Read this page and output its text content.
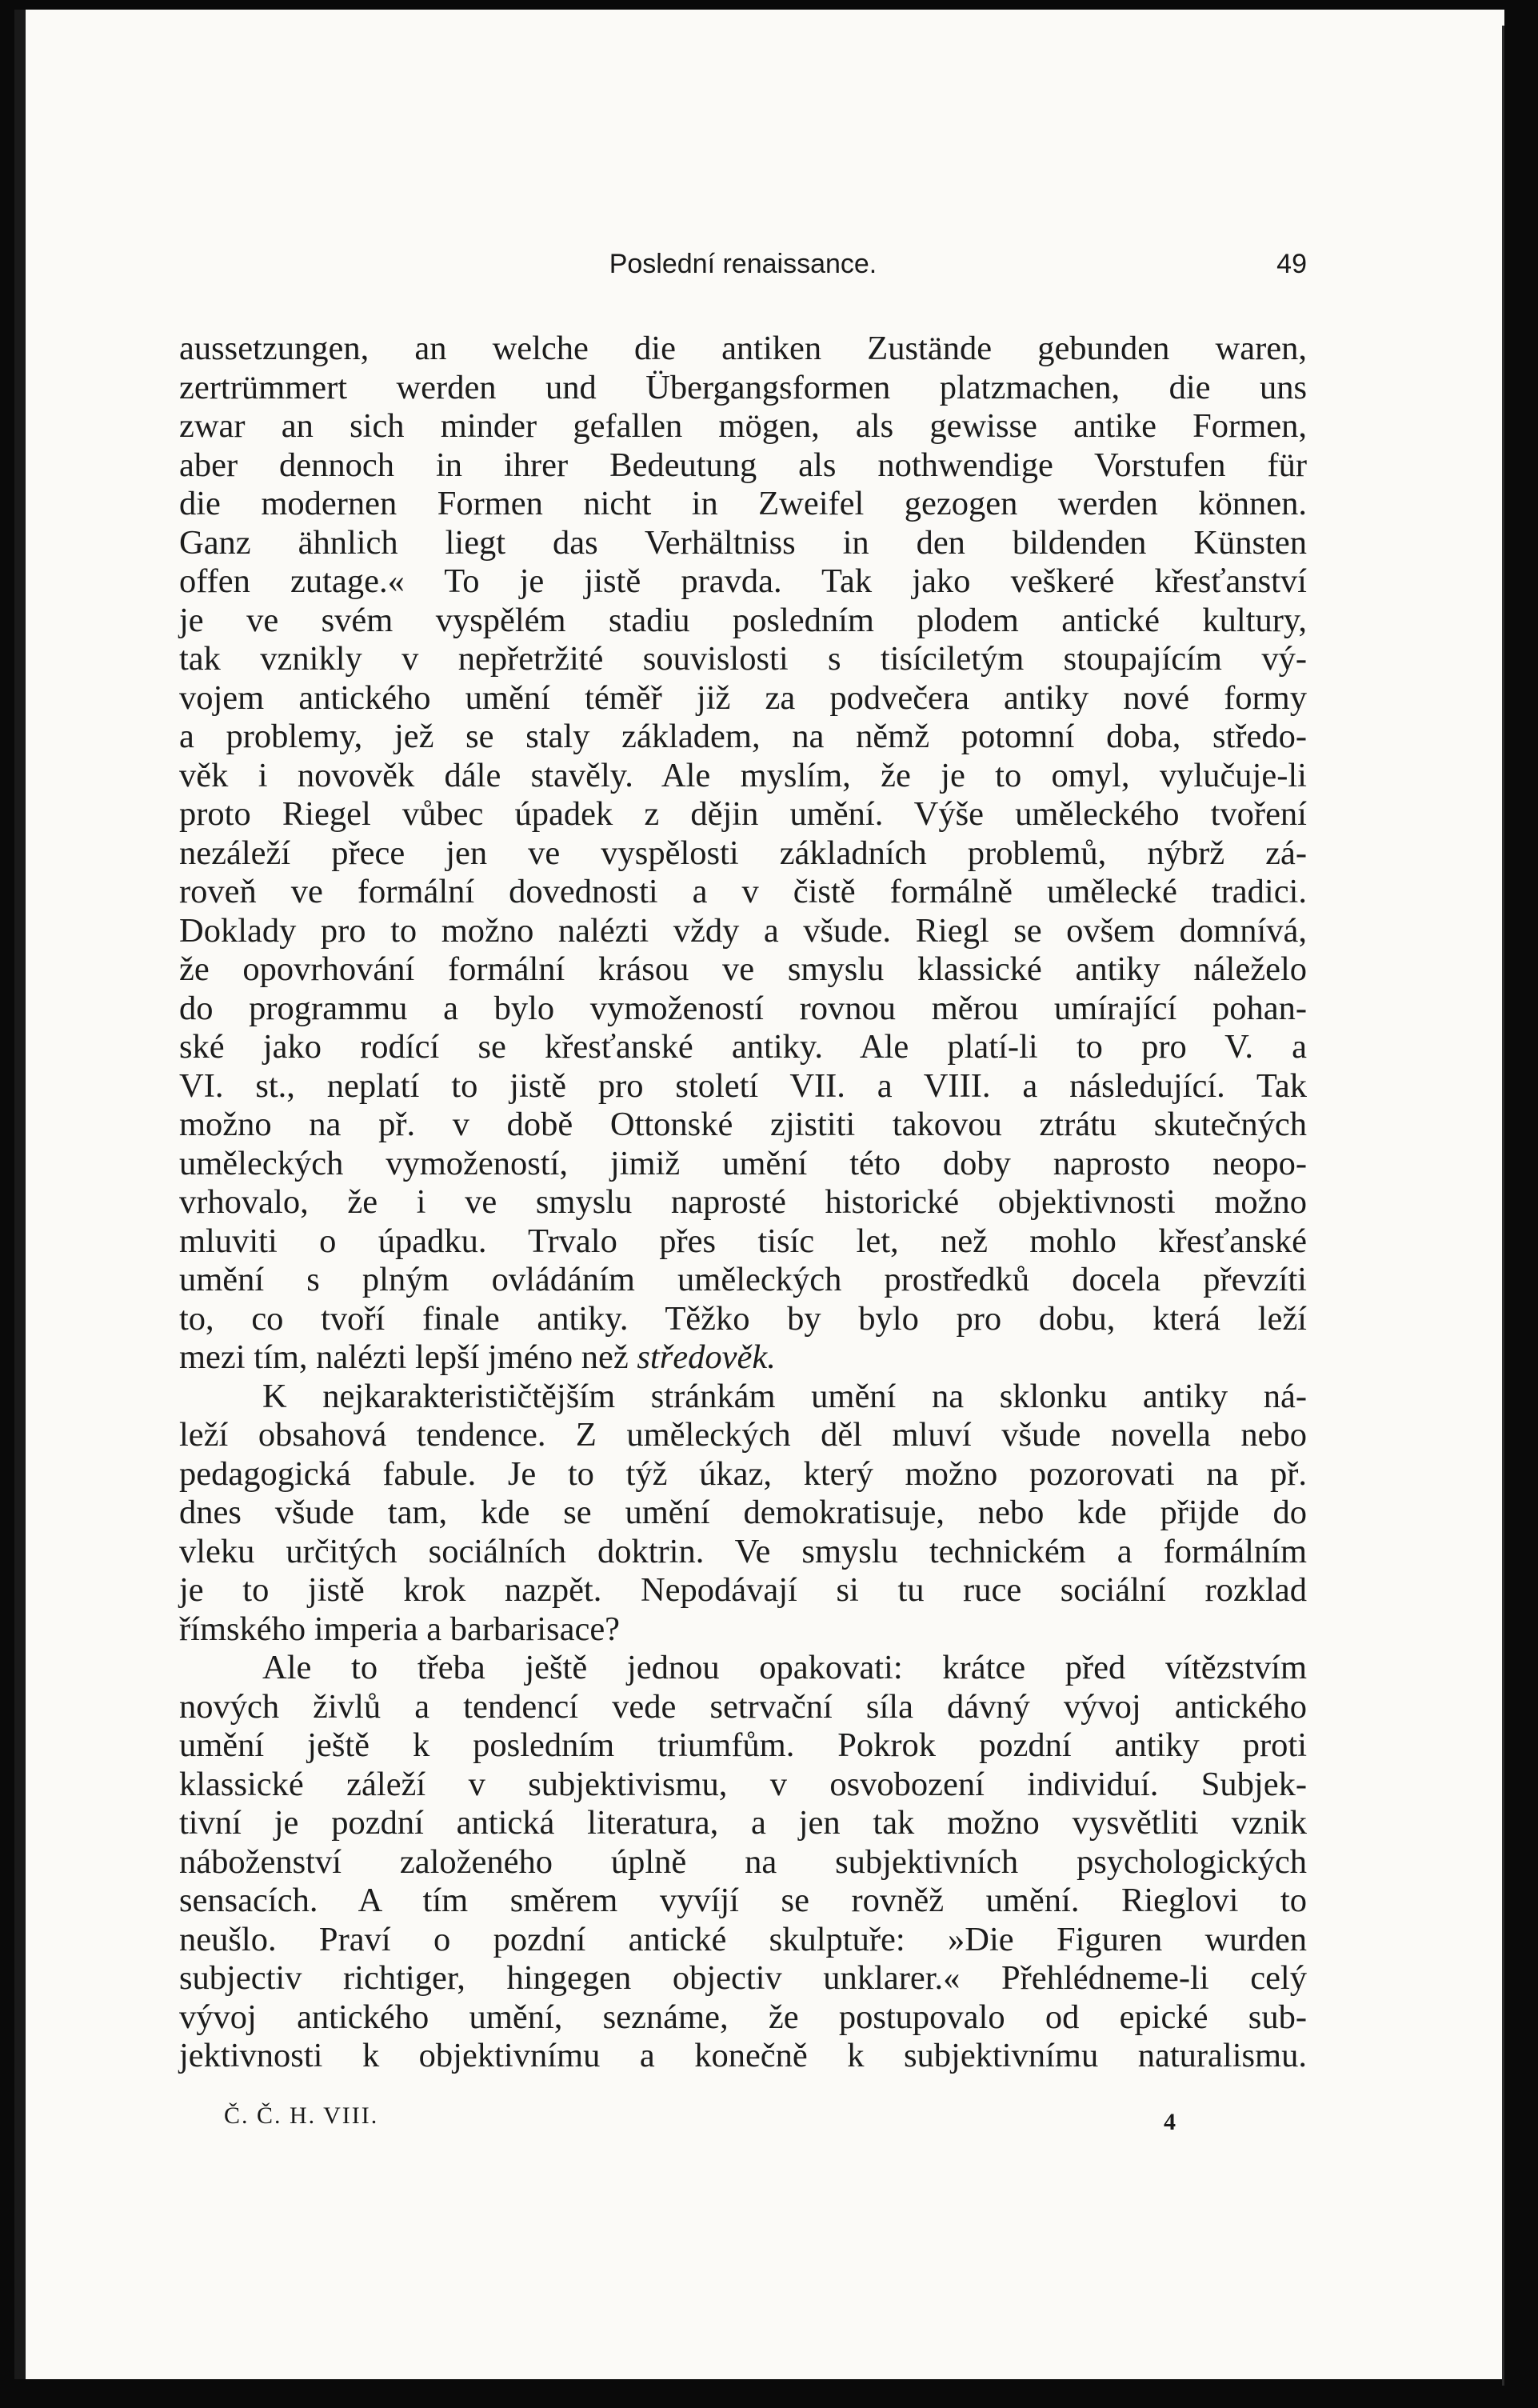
Poslední renaissance.	49
aussetzungen, an welche die antiken Zustände gebunden waren,
zertrümmert werden und Übergangsformen platzmachen, die uns
zwar an sich minder gefallen mögen, als gewisse antike Formen,
aber dennoch in ihrer Bedeutung als nothwendige Vorstufen für
die modernen Formen nicht in Zweifel gezogen werden können.
Ganz ähnlich liegt das Verhältniss in den bildenden Künsten
offen zutage.« To je jistě pravda. Tak jako veškeré křesťanství
je ve svém vyspělém stadiu posledním plodem antické kultury,
tak vznikly v nepřetržité souvislosti s tisíciletým stoupajícím vý-
vojem antického umění téměř již za podvečera antiky nové formy
a problemy, jež se staly základem, na němž potomní doba, středo-
věk i novověk dále stavěly. Ale myslím, že je to omyl, vylučuje-li
proto Riegel vůbec úpadek z dějin umění. Výše uměleckého tvoření
nezáleží přece jen ve vyspělosti základních problemů, nýbrž zá-
roveň ve formální dovednosti a v čistě formálně umělecké tradici.
Doklady pro to možno nalézti vždy a všude. Riegl se ovšem domnívá,
že opovrhování formální krásou ve smyslu klassické antiky náleželo
do programmu a bylo vymožeností rovnou měrou umírající pohan-
ské jako rodící se křesťanské antiky. Ale platí-li to pro V. a
VI. st., neplatí to jistě pro století VII. a VIII. a následující. Tak
možno na př. v době Ottonské zjistiti takovou ztrátu skutečných
uměleckých vymožeností, jimiž umění této doby naprosto neopo-
vrhovalo, že i ve smyslu naprosté historické objektivnosti možno
mluviti o úpadku. Trvalo přes tisíc let, než mohlo křesťanské
umění s plným ovládáním uměleckých prostředků docela převzíti
to, co tvoří finale antiky. Těžko by bylo pro dobu, která leží
mezi tím, nalézti lepší jméno než středověk.
K nejkarakterističtějším stránkám umění na sklonku antiky ná-
leží obsahová tendence. Z uměleckých děl mluví všude novella nebo
pedagogická fabule. Je to týž úkaz, který možno pozorovati na př.
dnes všude tam, kde se umění demokratisuje, nebo kde přijde do
vleku určitých sociálních doktrin. Ve smyslu technickém a formálním
je to jistě krok nazpět. Nepodávají si tu ruce sociální rozklad
římského imperia a barbarisace?
Ale to třeba ještě jednou opakovati: krátce před vítězstvím
nových živlů a tendencí vede setrvační síla dávný vývoj antického
umění ještě k posledním triumfům. Pokrok pozdní antiky proti
klassické záleží v subjektivismu, v osvobození individuí. Subjek-
tivní je pozdní antická literatura, a jen tak možno vysvětliti vznik
náboženství založeného úplně na subjektivních psychologických
sensacích. A tím směrem vyvíjí se rovněž umění. Rieglovi to
neušlo. Praví o pozdní antické skulptuře: »Die Figuren wurden
subjectiv richtiger, hingegen objectiv unklarer.« Přehlédneme-li celý
vývoj antického umění, seznáme, že postupovalo od epické sub-
jektivnosti k objektivnímu a konečně k subjektivnímu naturalismu.
Č. Č. H. VIII.	4
